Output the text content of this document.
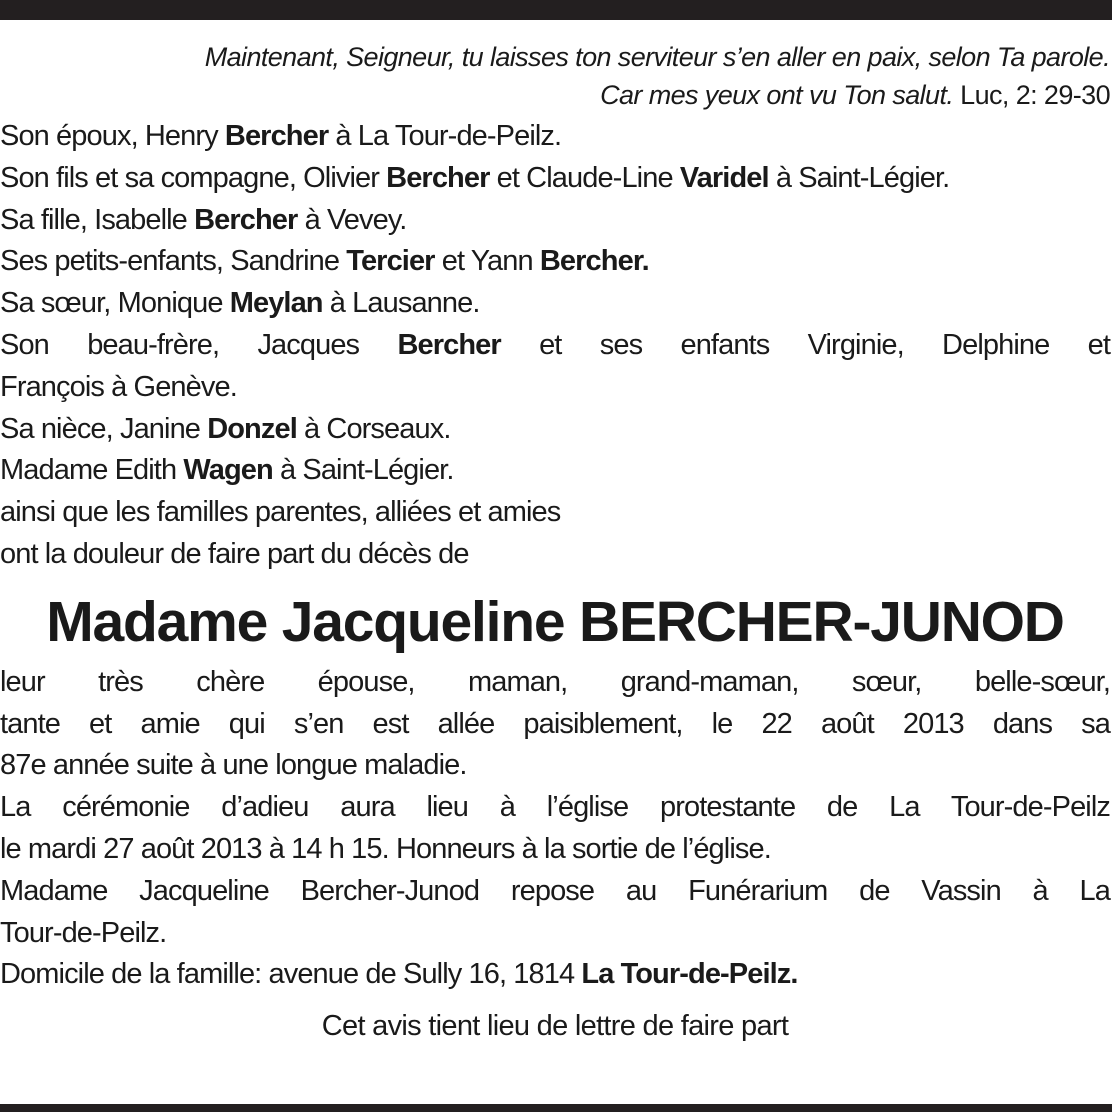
Maintenant, Seigneur, tu laisses ton serviteur s’en aller en paix, selon Ta parole.
Car mes yeux ont vu Ton salut. Luc, 2: 29-30
Son époux, Henry Bercher à La Tour-de-Peilz.
Son fils et sa compagne, Olivier Bercher et Claude-Line Varidel à Saint-Légier.
Sa fille, Isabelle Bercher à Vevey.
Ses petits-enfants, Sandrine Tercier et Yann Bercher.
Sa sœur, Monique Meylan à Lausanne.
Son beau-frère, Jacques Bercher et ses enfants Virginie, Delphine et
François à Genève.
Sa nièce, Janine Donzel à Corseaux.
Madame Edith Wagen à Saint-Légier.
ainsi que les familles parentes, alliées et amies
ont la douleur de faire part du décès de
Madame Jacqueline BERCHER-JUNOD
leur très chère épouse, maman, grand-maman, sœur, belle-sœur,
tante et amie qui s’en est allée paisiblement, le 22 août 2013 dans sa
87e année suite à une longue maladie.
La cérémonie d’adieu aura lieu à l’église protestante de La Tour-de-Peilz
le mardi 27 août 2013 à 14 h 15. Honneurs à la sortie de l’église.
Madame Jacqueline Bercher-Junod repose au Funérarium de Vassin à La
Tour-de-Peilz.
Domicile de la famille: avenue de Sully 16, 1814 La Tour-de-Peilz.
Cet avis tient lieu de lettre de faire part
